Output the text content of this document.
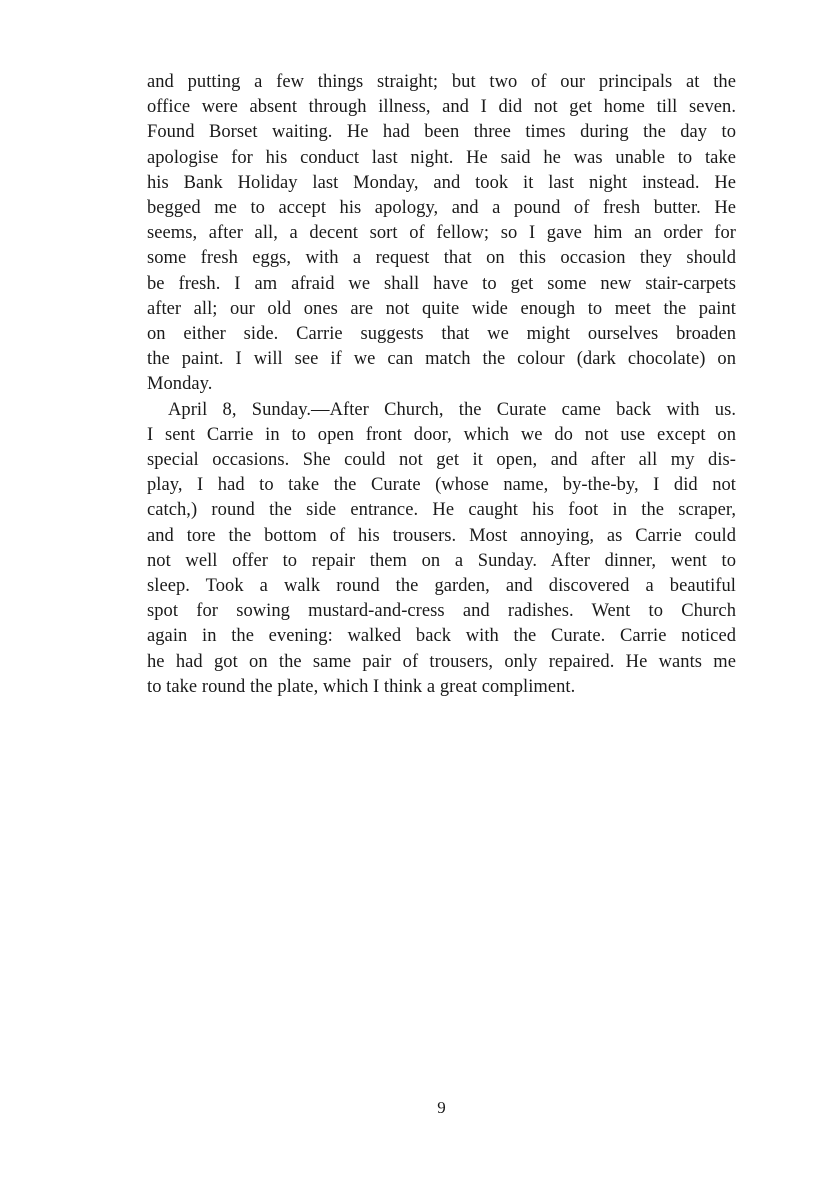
and putting a few things straight; but two of our principals at the
office were absent through illness, and I did not get home till seven.
Found Borset waiting. He had been three times during the day to
apologise for his conduct last night. He said he was unable to take
his Bank Holiday last Monday, and took it last night instead. He
begged me to accept his apology, and a pound of fresh butter. He
seems, after all, a decent sort of fellow; so I gave him an order for
some fresh eggs, with a request that on this occasion they should
be fresh. I am afraid we shall have to get some new stair-carpets
after all; our old ones are not quite wide enough to meet the paint
on either side. Carrie suggests that we might ourselves broaden
the paint. I will see if we can match the colour (dark chocolate) on
Monday.

April 8, Sunday.—After Church, the Curate came back with us.
I sent Carrie in to open front door, which we do not use except on
special occasions. She could not get it open, and after all my dis-
play, I had to take the Curate (whose name, by-the-by, I did not
catch,) round the side entrance. He caught his foot in the scraper,
and tore the bottom of his trousers. Most annoying, as Carrie could
not well offer to repair them on a Sunday. After dinner, went to
sleep. Took a walk round the garden, and discovered a beautiful
spot for sowing mustard-and-cress and radishes. Went to Church
again in the evening: walked back with the Curate. Carrie noticed
he had got on the same pair of trousers, only repaired. He wants me
to take round the plate, which I think a great compliment.

9
